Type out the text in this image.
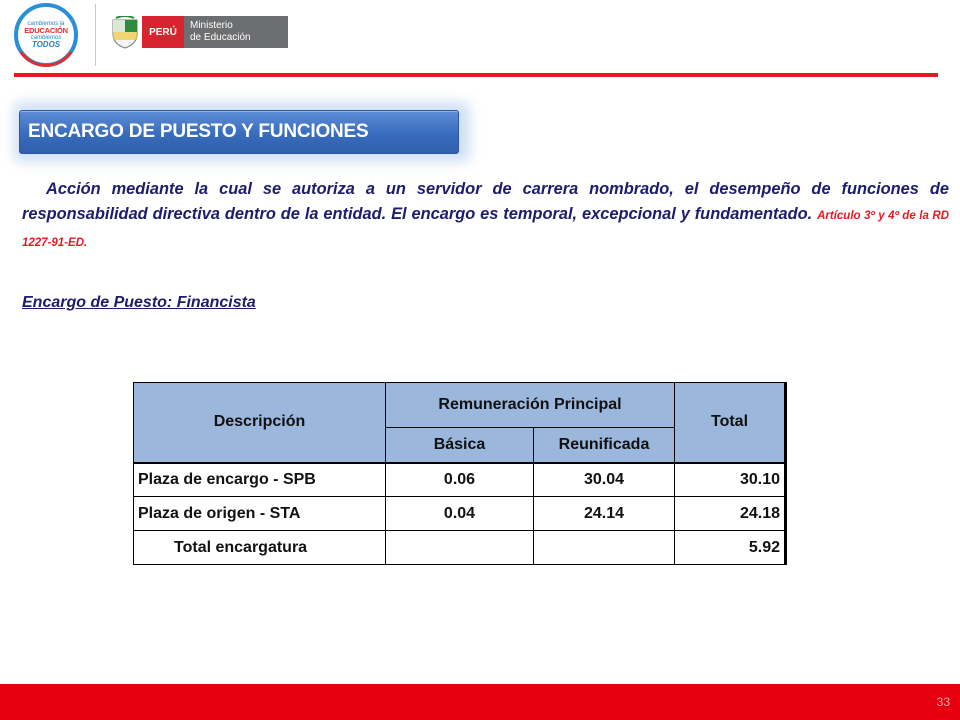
cambiemos la
EDUCACIÓN
cambiemos
TODOS
PERÚ
Ministerio
de Educación
ENCARGO DE PUESTO Y FUNCIONES

Acción mediante la cual se autoriza a un servidor de carrera nombrado, el desempeño de funciones de responsabilidad directiva dentro de la entidad. El encargo es temporal, excepcional y fundamentado. Artículo 3º y 4º de la RD 1227-91-ED.

Encargo de Puesto: Financista
Descripción	Remuneración Principal		Total
	Básica	Reunificada	
Plaza de encargo - SPB	0.06	30.04	30.10
Plaza de origen - STA	0.04	24.14	24.18
Total encargatura			5.92
33
